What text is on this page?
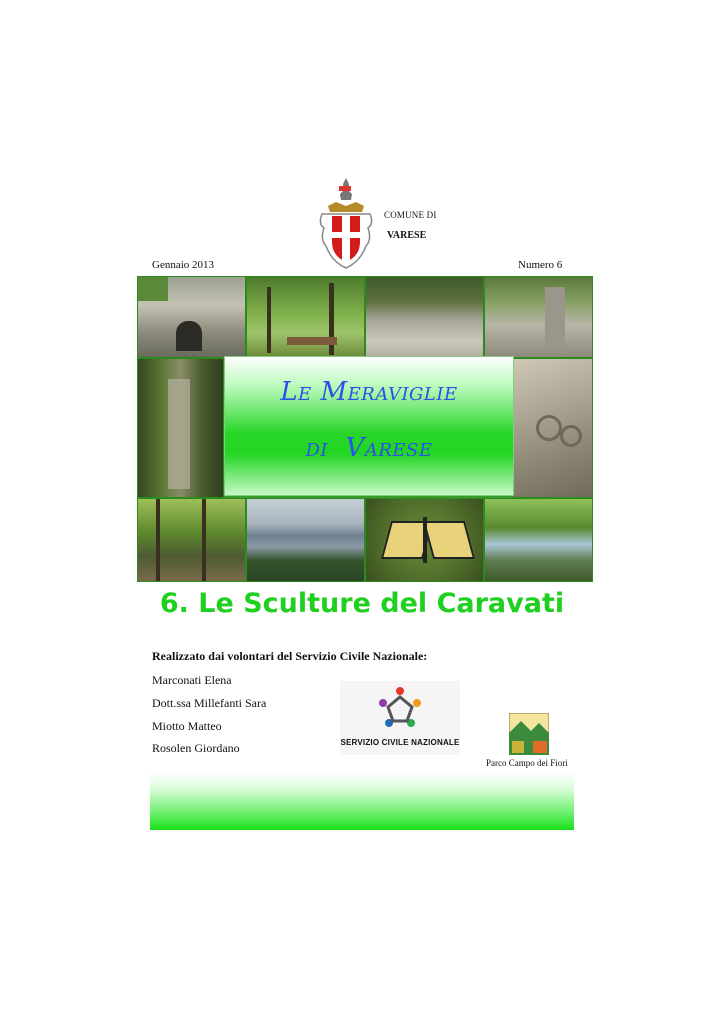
COMUNE DI
VARESE
Gennaio 2013	Numero 6
Le Meraviglie
di  Varese
6. Le Sculture del Caravati
Realizzato dai volontari del Servizio Civile Nazionale:
Marconati Elena
Dott.ssa Millefanti Sara
Miotto Matteo
Rosolen Giordano	SERVIZIO CIVILE NAZIONALE
Parco Campo dei Fiori
